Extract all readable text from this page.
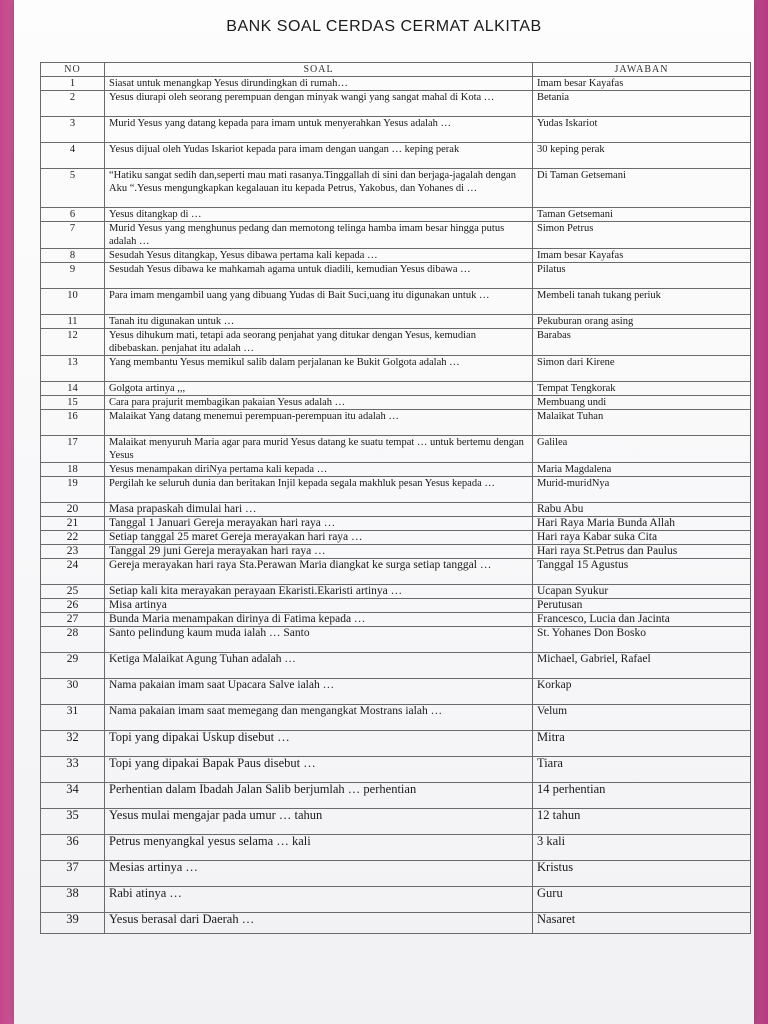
BANK SOAL CERDAS CERMAT ALKITAB
NO	SOAL	JAWABAN
1	Siasat untuk menangkap Yesus dirundingkan di rumah…	Imam besar Kayafas
2	Yesus diurapi oleh seorang perempuan dengan minyak wangi yang sangat mahal di Kota …	Betania
3	Murid Yesus yang datang kepada para imam untuk menyerahkan Yesus adalah …	Yudas Iskariot
4	Yesus dijual oleh Yudas Iskariot kepada para imam dengan uangan … keping perak	30 keping perak
5	“Hatiku sangat sedih dan,seperti mau mati rasanya.Tinggallah di sini dan berjaga-jagalah dengan Aku “.Yesus mengungkapkan kegalauan itu kepada Petrus, Yakobus, dan Yohanes di …	Di Taman Getsemani
6	Yesus ditangkap di …	Taman Getsemani
7	Murid Yesus yang menghunus pedang dan memotong telinga hamba imam besar hingga putus adalah …	Simon Petrus
8	Sesudah Yesus ditangkap, Yesus dibawa pertama kali kepada …	Imam besar Kayafas
9	Sesudah Yesus dibawa ke mahkamah agama untuk diadili, kemudian Yesus dibawa …	Pilatus
10	Para imam mengambil uang yang dibuang Yudas di Bait Suci,uang itu digunakan untuk …	Membeli tanah tukang periuk
11	Tanah itu digunakan untuk …	Pekuburan orang asing
12	Yesus dihukum mati, tetapi ada seorang penjahat yang ditukar dengan Yesus, kemudian dibebaskan. penjahat itu adalah …	Barabas
13	Yang membantu Yesus memikul salib dalam perjalanan ke Bukit Golgota adalah …	Simon dari Kirene
14	Golgota artinya ,,,	Tempat Tengkorak
15	Cara para prajurit membagikan pakaian Yesus adalah …	Membuang undi
16	Malaikat Yang datang menemui perempuan-perempuan itu adalah …	Malaikat Tuhan
17	Malaikat menyuruh Maria agar para murid Yesus datang ke suatu tempat … untuk bertemu dengan Yesus	Galilea
18	Yesus menampakan diriNya pertama kali kepada …	Maria Magdalena
19	Pergilah ke seluruh dunia dan beritakan Injil kepada segala makhluk pesan Yesus kepada …	Murid-muridNya
20	Masa prapaskah dimulai hari …	Rabu Abu
21	Tanggal 1 Januari Gereja merayakan hari raya …	Hari Raya Maria Bunda Allah
22	Setiap tanggal 25 maret Gereja merayakan hari raya …	Hari raya Kabar suka Cita
23	Tanggal 29 juni Gereja merayakan hari raya …	Hari raya St.Petrus dan Paulus
24	Gereja merayakan hari raya Sta.Perawan Maria diangkat ke surga setiap tanggal …	Tanggal 15 Agustus
25	Setiap kali kita merayakan perayaan Ekaristi.Ekaristi artinya …	Ucapan Syukur
26	Misa artinya	Perutusan
27	Bunda Maria menampakan dirinya di Fatima kepada …	Francesco, Lucia dan Jacinta
28	Santo pelindung kaum muda ialah … Santo	St. Yohanes Don Bosko
29	Ketiga Malaikat Agung Tuhan adalah …	Michael, Gabriel, Rafael
30	Nama pakaian imam saat Upacara Salve ialah …	Korkap
31	Nama pakaian imam saat memegang dan mengangkat Mostrans ialah …	Velum
32	Topi yang dipakai Uskup disebut …	Mitra
33	Topi yang dipakai Bapak Paus disebut …	Tiara
34	Perhentian dalam Ibadah Jalan Salib berjumlah … perhentian	14 perhentian
35	Yesus mulai mengajar pada umur … tahun	12 tahun
36	Petrus menyangkal yesus selama … kali	3 kali
37	Mesias artinya …	Kristus
38	Rabi atinya …	Guru
39	Yesus berasal dari Daerah …	Nasaret
